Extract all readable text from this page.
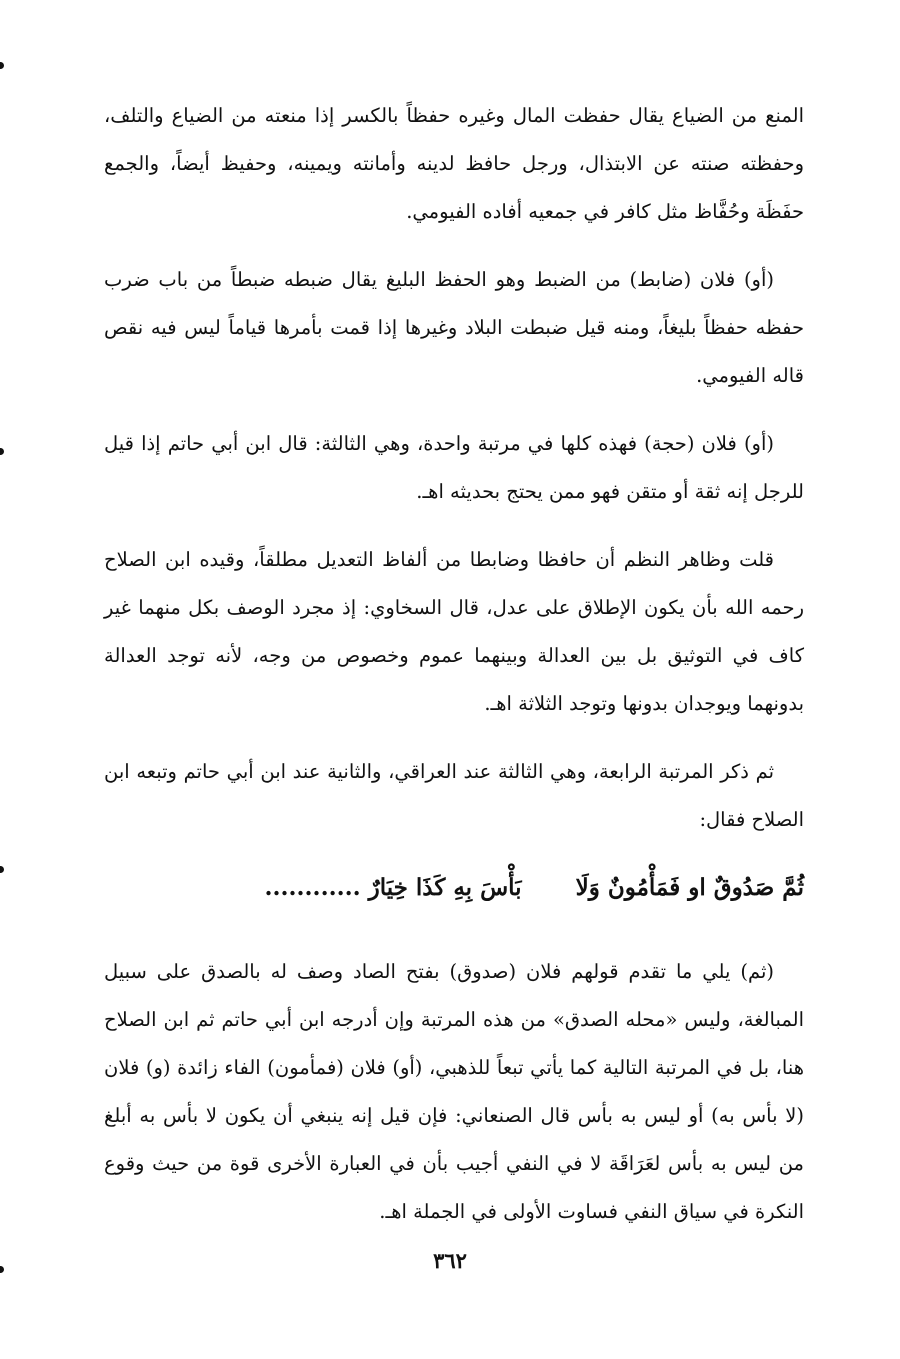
المنع من الضياع يقال حفظت المال وغيره حفظاً بالكسر إذا منعته من الضياع والتلف، وحفظته صنته عن الابتذال، ورجل حافظ لدينه وأمانته ويمينه، وحفيظ أيضاً، والجمع حفَظَة وحُفَّاظ مثل كافر في جمعيه أفاده الفيومي.

(أو) فلان (ضابط) من الضبط وهو الحفظ البليغ يقال ضبطه ضبطاً من باب ضرب حفظه حفظاً بليغاً، ومنه قيل ضبطت البلاد وغيرها إذا قمت بأمرها قياماً ليس فيه نقص قاله الفيومي.

(أو) فلان (حجة) فهذه كلها في مرتبة واحدة، وهي الثالثة: قال ابن أبي حاتم إذا قيل للرجل إنه ثقة أو متقن فهو ممن يحتج بحديثه اهـ.

قلت وظاهر النظم أن حافظا وضابطا من ألفاظ التعديل مطلقاً، وقيده ابن الصلاح رحمه الله بأن يكون الإطلاق على عدل، قال السخاوي: إذ مجرد الوصف بكل منهما غير كاف في التوثيق بل بين العدالة وبينهما عموم وخصوص من وجه، لأنه توجد العدالة بدونهما ويوجدان بدونها وتوجد الثلاثة اهـ.

ثم ذكر المرتبة الرابعة، وهي الثالثة عند العراقي، والثانية عند ابن أبي حاتم وتبعه ابن الصلاح فقال:

ثُمَّ صَدُوقٌ او فَمَأْمُونٌ وَلَا  بَأْسَ بِهِ كَذَا خِيَارٌ ............

(ثم) يلي ما تقدم قولهم فلان (صدوق) بفتح الصاد وصف له بالصدق على سبيل المبالغة، وليس «محله الصدق» من هذه المرتبة وإن أدرجه ابن أبي حاتم ثم ابن الصلاح هنا، بل في المرتبة التالية كما يأتي تبعاً للذهبي، (أو) فلان (فمأمون) الفاء زائدة (و) فلان (لا بأس به) أو ليس به بأس قال الصنعاني: فإن قيل إنه ينبغي أن يكون لا بأس به أبلغ من ليس به بأس لعَرَاقَة لا في النفي أجيب بأن في العبارة الأخرى قوة من حيث وقوع النكرة في سياق النفي فساوت الأولى في الجملة اهـ.

٣٦٢
